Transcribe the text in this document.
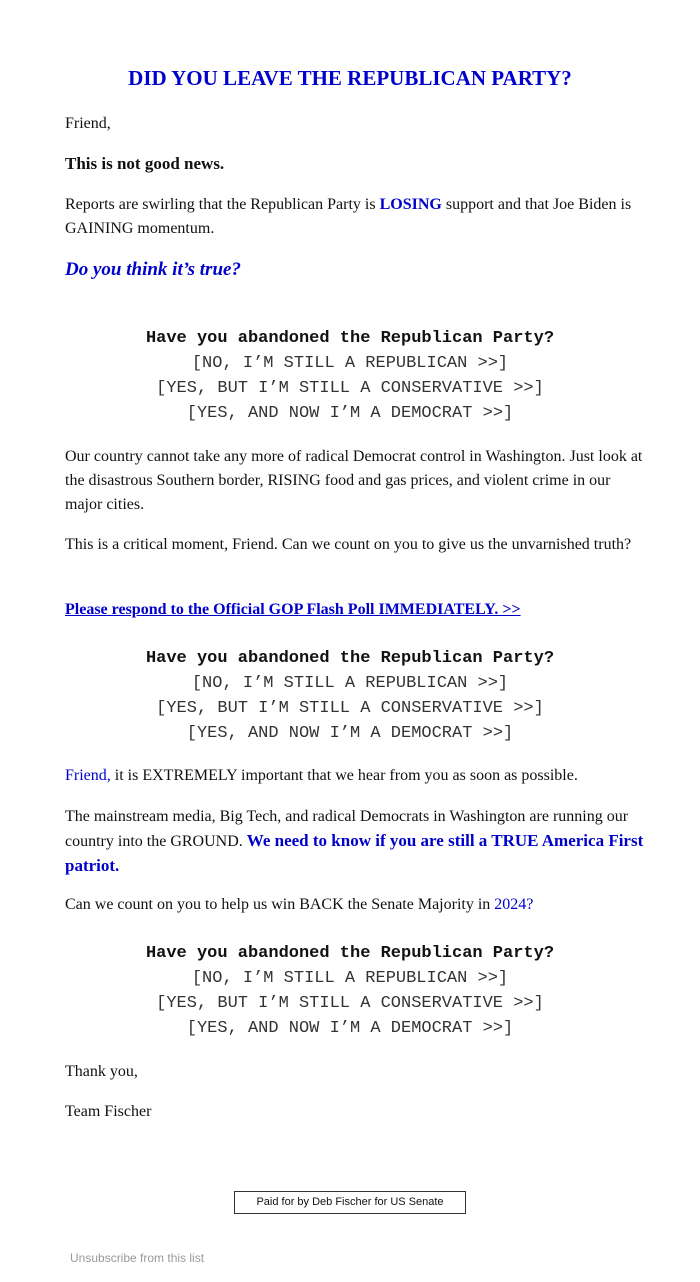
DID YOU LEAVE THE REPUBLICAN PARTY?
Friend,
This is not good news.
Reports are swirling that the Republican Party is LOSING support and that Joe Biden is GAINING momentum.
Do you think it’s true?
Have you abandoned the Republican Party?
[NO, I’M STILL A REPUBLICAN >>]
[YES, BUT I’M STILL A CONSERVATIVE >>]
[YES, AND NOW I’M A DEMOCRAT >>]
Our country cannot take any more of radical Democrat control in Washington. Just look at the disastrous Southern border, RISING food and gas prices, and violent crime in our major cities.
This is a critical moment, Friend. Can we count on you to give us the unvarnished truth?
Please respond to the Official GOP Flash Poll IMMEDIATELY. >>
Have you abandoned the Republican Party?
[NO, I’M STILL A REPUBLICAN >>]
[YES, BUT I’M STILL A CONSERVATIVE >>]
[YES, AND NOW I’M A DEMOCRAT >>]
Friend, it is EXTREMELY important that we hear from you as soon as possible.
The mainstream media, Big Tech, and radical Democrats in Washington are running our country into the GROUND. We need to know if you are still a TRUE America First patriot.
Can we count on you to help us win BACK the Senate Majority in 2024?
Have you abandoned the Republican Party?
[NO, I’M STILL A REPUBLICAN >>]
[YES, BUT I’M STILL A CONSERVATIVE >>]
[YES, AND NOW I’M A DEMOCRAT >>]
Thank you,
Team Fischer
Paid for by Deb Fischer for US Senate
Unsubscribe from this list
